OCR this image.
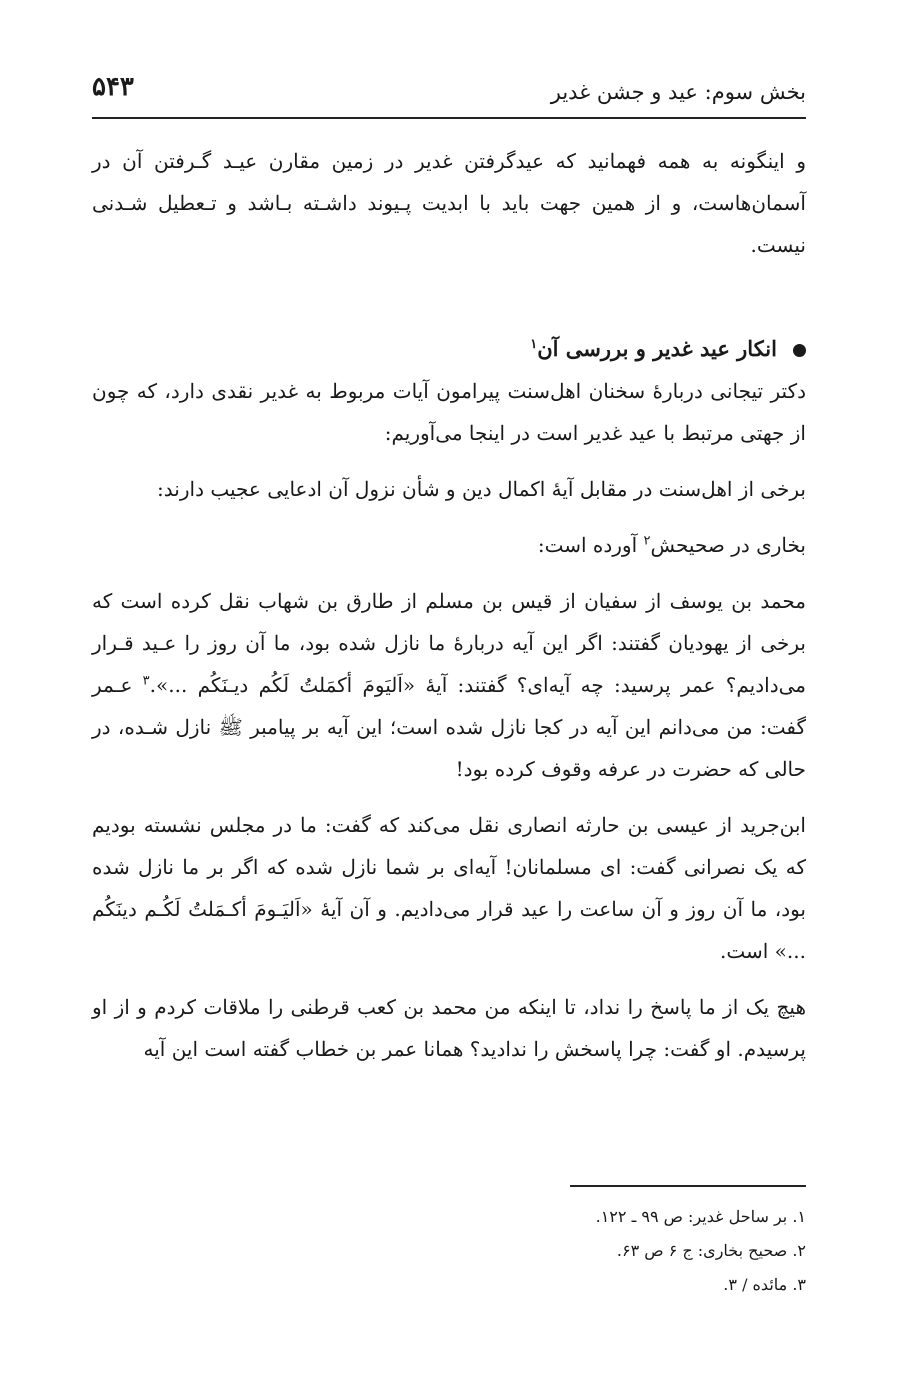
بخش سوم: عید و جشن غدیر
۵۴۳

و اینگونه به همه فهمانید که عیدگرفتن غدیر در زمین مقارن عیـد گـرفتن آن در آسمان‌هاست، و از همین جهت باید با ابدیت پـیوند داشـته بـاشد و تـعطیل شـدنی نیست.

انکار عید غدیر و بررسی آن$^۱$

دکتر تیجانی دربارهٔ سخنان اهل‌سنت پیرامون آیات مربوط به غدیر نقدی دارد، که چون از جهتی مرتبط با عید غدیر است در اینجا می‌آوریم:

برخی از اهل‌سنت در مقابل آیهٔ اکمال دین و شأن نزول آن ادعایی عجیب دارند:

بخاری در صحیحش$^۲$ آورده است:

محمد بن یوسف از سفیان از قیس بن مسلم از طارق بن شهاب نقل کرده است که برخی از یهودیان گفتند: اگر این آیه دربارهٔ ما نازل شده بود، ما آن روز را عـید قـرار می‌دادیم؟ عمر پرسید: چه آیه‌ای؟ گفتند: آیهٔ «اَلیَومَ أکمَلتُ لَکُم دیـنَکُم ...».$^۳$ عـمر گفت: من می‌دانم این آیه در کجا نازل شده است؛ این آیه بر پیامبر ﷺ نازل شـده، در حالی که حضرت در عرفه وقوف کرده بود!

ابن‌جرید از عیسی بن حارثه انصاری نقل می‌کند که گفت: ما در مجلس نشسته بودیم که یک نصرانی گفت: ای مسلمانان! آیه‌ای بر شما نازل شده که اگر بر ما نازل شده بود، ما آن روز و آن ساعت را عید قرار می‌دادیم. و آن آیهٔ «اَلیَـومَ أکـمَلتُ لَکُـم دینَکُم ...» است.

هیچ یک از ما پاسخ را نداد، تا اینکه من محمد بن کعب قرطنی را ملاقات کردم و از او پرسیدم. او گفت: چرا پاسخش را ندادید؟ همانا عمر بن خطاب گفته است این آیه

۱. بر ساحل غدیر: ص ۹۹ ـ ۱۲۲.

۲. صحیح بخاری: ج ۶ ص ۶۳.

۳. مائده / ۳.
